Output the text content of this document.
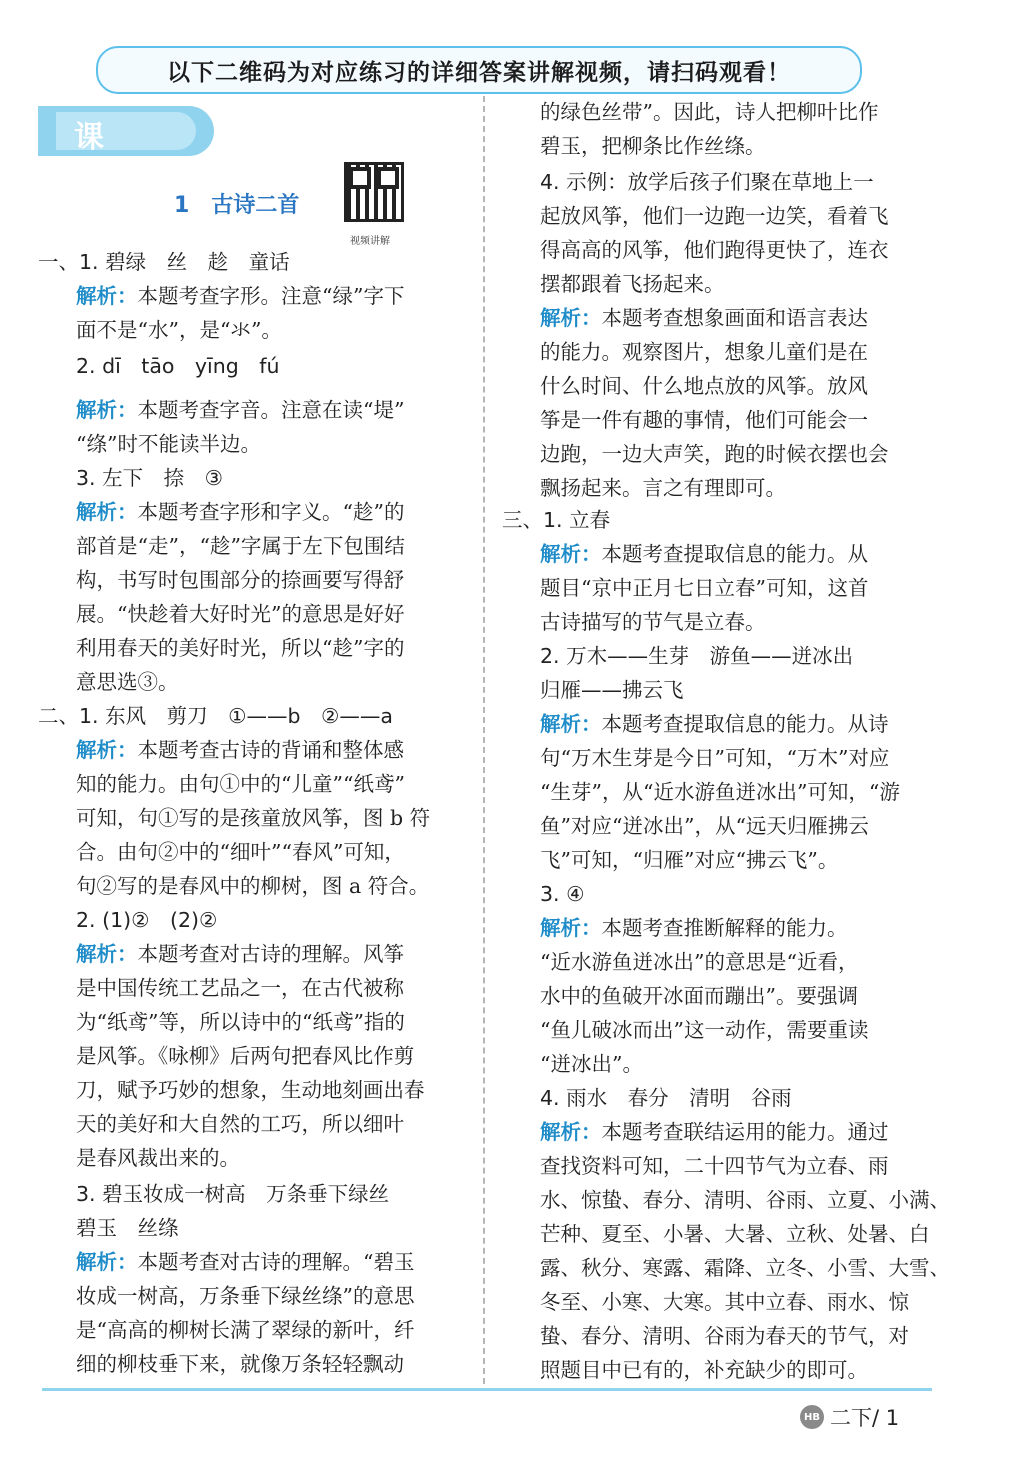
以下二维码为对应练习的详细答案讲解视频，请扫码观看！
课文
1 古诗二首
视频讲解
一、1. 碧绿　丝　趁　童话
解析：本题考查字形。注意“绿”字下
面不是“水”，是“氺”。
2. dī　tāo　yīng　fú
解析：本题考查字音。注意在读“堤”
“绦”时不能读半边。
3. 左下　捺　③
解析：本题考查字形和字义。“趁”的
部首是“走”，“趁”字属于左下包围结
构，书写时包围部分的捺画要写得舒
展。“快趁着大好时光”的意思是好好
利用春天的美好时光，所以“趁”字的
意思选③。
二、1. 东风　剪刀　①——b　②——a
解析：本题考查古诗的背诵和整体感
知的能力。由句①中的“儿童”“纸鸢”
可知，句①写的是孩童放风筝，图 b 符
合。由句②中的“细叶”“春风”可知，
句②写的是春风中的柳树，图 a 符合。
2. (1)②　(2)②
解析：本题考查对古诗的理解。风筝
是中国传统工艺品之一，在古代被称
为“纸鸢”等，所以诗中的“纸鸢”指的
是风筝。《咏柳》后两句把春风比作剪
刀，赋予巧妙的想象，生动地刻画出春
天的美好和大自然的工巧，所以细叶
是春风裁出来的。
3. 碧玉妆成一树高　万条垂下绿丝
碧玉　丝绦
解析：本题考查对古诗的理解。“碧玉
妆成一树高，万条垂下绿丝绦”的意思
是“高高的柳树长满了翠绿的新叶，纤
细的柳枝垂下来，就像万条轻轻飘动
的绿色丝带”。因此，诗人把柳叶比作
碧玉，把柳条比作丝绦。
4. 示例：放学后孩子们聚在草地上一
起放风筝，他们一边跑一边笑，看着飞
得高高的风筝，他们跑得更快了，连衣
摆都跟着飞扬起来。
解析：本题考查想象画面和语言表达
的能力。观察图片，想象儿童们是在
什么时间、什么地点放的风筝。放风
筝是一件有趣的事情，他们可能会一
边跑，一边大声笑，跑的时候衣摆也会
飘扬起来。言之有理即可。
三、1. 立春
解析：本题考查提取信息的能力。从
题目“京中正月七日立春”可知，这首
古诗描写的节气是立春。
2. 万木——生芽　游鱼——迸冰出
归雁——拂云飞
解析：本题考查提取信息的能力。从诗
句“万木生芽是今日”可知，“万木”对应
“生芽”，从“近水游鱼迸冰出”可知，“游
鱼”对应“迸冰出”，从“远天归雁拂云
飞”可知，“归雁”对应“拂云飞”。
3. ④
解析：本题考查推断解释的能力。
“近水游鱼迸冰出”的意思是“近看，
水中的鱼破开冰面而蹦出”。要强调
“鱼儿破冰而出”这一动作，需要重读
“迸冰出”。
4. 雨水　春分　清明　谷雨
解析：本题考查联结运用的能力。通过
查找资料可知，二十四节气为立春、雨
水、惊蛰、春分、清明、谷雨、立夏、小满、
芒种、夏至、小暑、大暑、立秋、处暑、白
露、秋分、寒露、霜降、立冬、小雪、大雪、
冬至、小寒、大寒。其中立春、雨水、惊
蛰、春分、清明、谷雨为春天的节气，对
照题目中已有的，补充缺少的即可。
HB 二下/ 1
